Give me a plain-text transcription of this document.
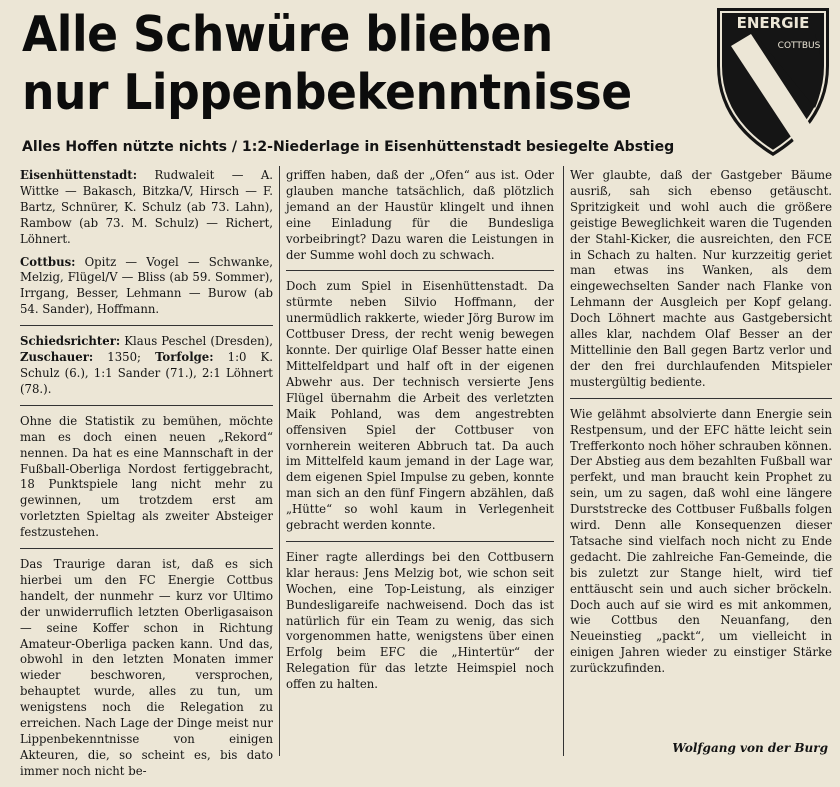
Alle Schwüre blieben
nur Lippenbekenntnisse
Alles Hoffen nützte nichts / 1:2-Niederlage in Eisenhüttenstadt besiegelte Abstieg
ENERGIE
COTTBUS

Eisenhüttenstadt: Rudwaleit — A. Wittke — Bakasch, Bitzka/V, Hirsch — F. Bartz, Schnürer, K. Schulz (ab 73. Lahn), Rambow (ab 73. M. Schulz) — Richert, Löhnert.

Cottbus: Opitz — Vogel — Schwanke, Melzig, Flügel/V — Bliss (ab 59. Sommer), Irrgang, Besser, Lehmann — Burow (ab 54. Sander), Hoffmann.

Schiedsrichter: Klaus Peschel (Dresden), Zuschauer: 1350; Torfolge: 1:0 K. Schulz (6.), 1:1 Sander (71.), 2:1 Löhnert (78.).

Ohne die Statistik zu bemühen, möchte man es doch einen neuen „Rekord“ nennen. Da hat es eine Mannschaft in der Fußball-Oberliga Nordost fertiggebracht, 18 Punktspiele lang nicht mehr zu gewinnen, um trotzdem erst am vorletzten Spieltag als zweiter Absteiger festzustehen.

Das Traurige daran ist, daß es sich hierbei um den FC Energie Cottbus handelt, der nunmehr — kurz vor Ultimo der unwiderruflich letzten Oberligasaison — seine Koffer schon in Richtung Amateur-Oberliga packen kann. Und das, obwohl in den letzten Monaten immer wieder beschworen, versprochen, behauptet wurde, alles zu tun, um wenigstens noch die Relegation zu erreichen. Nach Lage der Dinge meist nur Lippenbekenntnisse von einigen Akteuren, die, so scheint es, bis dato immer noch nicht be-

griffen haben, daß der „Ofen“ aus ist. Oder glauben manche tatsächlich, daß plötzlich jemand an der Haustür klingelt und ihnen eine Einladung für die Bundesliga vorbeibringt? Dazu waren die Leistungen in der Summe wohl doch zu schwach.

Doch zum Spiel in Eisenhüttenstadt. Da stürmte neben Silvio Hoffmann, der unermüdlich rakkerte, wieder Jörg Burow im Cottbuser Dress, der recht wenig bewegen konnte. Der quirlige Olaf Besser hatte einen Mittelfeldpart und half oft in der eigenen Abwehr aus. Der technisch versierte Jens Flügel übernahm die Arbeit des verletzten Maik Pohland, was dem angestrebten offensiven Spiel der Cottbuser von vornherein weiteren Abbruch tat. Da auch im Mittelfeld kaum jemand in der Lage war, dem eigenen Spiel Impulse zu geben, konnte man sich an den fünf Fingern abzählen, daß „Hütte“ so wohl kaum in Verlegenheit gebracht werden konnte.

Einer ragte allerdings bei den Cottbusern klar heraus: Jens Melzig bot, wie schon seit Wochen, eine Top-Leistung, als einziger Bundesligareife nachweisend. Doch das ist natürlich für ein Team zu wenig, das sich vorgenommen hatte, wenigstens über einen Erfolg beim EFC die „Hintertür“ der Relegation für das letzte Heimspiel noch offen zu halten.

Wer glaubte, daß der Gastgeber Bäume ausriß, sah sich ebenso getäuscht. Spritzigkeit und wohl auch die größere geistige Beweglichkeit waren die Tugenden der Stahl-Kicker, die ausreichten, den FCE in Schach zu halten. Nur kurzzeitig geriet man etwas ins Wanken, als dem eingewechselten Sander nach Flanke von Lehmann der Ausgleich per Kopf gelang. Doch Löhnert machte aus Gastgebersicht alles klar, nachdem Olaf Besser an der Mittellinie den Ball gegen Bartz verlor und der den frei durchlaufenden Mitspieler mustergültig bediente.

Wie gelähmt absolvierte dann Energie sein Restpensum, und der EFC hätte leicht sein Trefferkonto noch höher schrauben können. Der Abstieg aus dem bezahlten Fußball war perfekt, und man braucht kein Prophet zu sein, um zu sagen, daß wohl eine längere Durststrecke des Cottbuser Fußballs folgen wird. Denn alle Konsequenzen dieser Tatsache sind vielfach noch nicht zu Ende gedacht. Die zahlreiche Fan-Gemeinde, die bis zuletzt zur Stange hielt, wird tief enttäuscht sein und auch sicher bröckeln. Doch auch auf sie wird es mit ankommen, wie Cottbus den Neuanfang, den Neueinstieg „packt“, um vielleicht in einigen Jahren wieder zu einstiger Stärke zurückzufinden.

Wolfgang von der Burg
